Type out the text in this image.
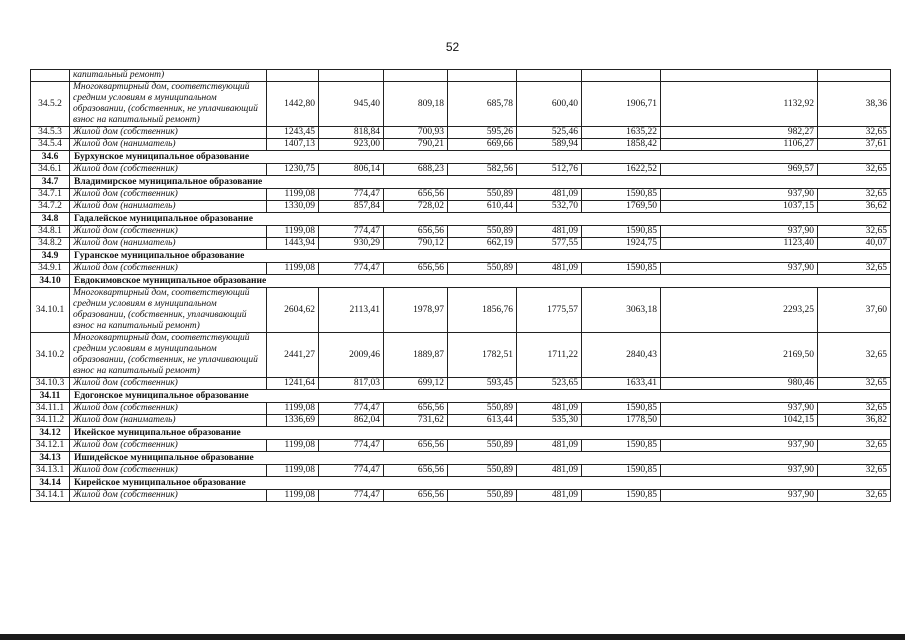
52
	капитальный ремонт)								
34.5.2	Многоквартирный дом, соответствующий средним условиям в муниципальном образовании, (собственник, не уплачивающий взнос на капитальный ремонт)	1442,80	945,40	809,18	685,78	600,40	1906,71	1132,92	38,36
34.5.3	Жилой дом (собственник)	1243,45	818,84	700,93	595,26	525,46	1635,22	982,27	32,65
34.5.4	Жилой дом (наниматель)	1407,13	923,00	790,21	669,66	589,94	1858,42	1106,27	37,61
34.6	Бурхунское муниципальное образование								
34.6.1	Жилой дом (собственник)	1230,75	806,14	688,23	582,56	512,76	1622,52	969,57	32,65
34.7	Владимирское муниципальное образование								
34.7.1	Жилой дом (собственник)	1199,08	774,47	656,56	550,89	481,09	1590,85	937,90	32,65
34.7.2	Жилой дом (наниматель)	1330,09	857,84	728,02	610,44	532,70	1769,50	1037,15	36,62
34.8	Гадалейское муниципальное образование								
34.8.1	Жилой дом (собственник)	1199,08	774,47	656,56	550,89	481,09	1590,85	937,90	32,65
34.8.2	Жилой дом (наниматель)	1443,94	930,29	790,12	662,19	577,55	1924,75	1123,40	40,07
34.9	Гуранское муниципальное образование								
34.9.1	Жилой дом (собственник)	1199,08	774,47	656,56	550,89	481,09	1590,85	937,90	32,65
34.10	Евдокимовское муниципальное образование								
34.10.1	Многоквартирный дом, соответствующий средним условиям в муниципальном образовании, (собственник, уплачивающий взнос на капитальный ремонт)	2604,62	2113,41	1978,97	1856,76	1775,57	3063,18	2293,25	37,60
34.10.2	Многоквартирный дом, соответствующий средним условиям в муниципальном образовании, (собственник, не уплачивающий взнос на капитальный ремонт)	2441,27	2009,46	1889,87	1782,51	1711,22	2840,43	2169,50	32,65
34.10.3	Жилой дом (собственник)	1241,64	817,03	699,12	593,45	523,65	1633,41	980,46	32,65
34.11	Едогонское муниципальное образование								
34.11.1	Жилой дом (собственник)	1199,08	774,47	656,56	550,89	481,09	1590,85	937,90	32,65
34.11.2	Жилой дом (наниматель)	1336,69	862,04	731,62	613,44	535,30	1778,50	1042,15	36,82
34.12	Икейское муниципальное образование								
34.12.1	Жилой дом (собственник)	1199,08	774,47	656,56	550,89	481,09	1590,85	937,90	32,65
34.13	Ишидейское муниципальное образование								
34.13.1	Жилой дом (собственник)	1199,08	774,47	656,56	550,89	481,09	1590,85	937,90	32,65
34.14	Кирейское муниципальное образование								
34.14.1	Жилой дом (собственник)	1199,08	774,47	656,56	550,89	481,09	1590,85	937,90	32,65
